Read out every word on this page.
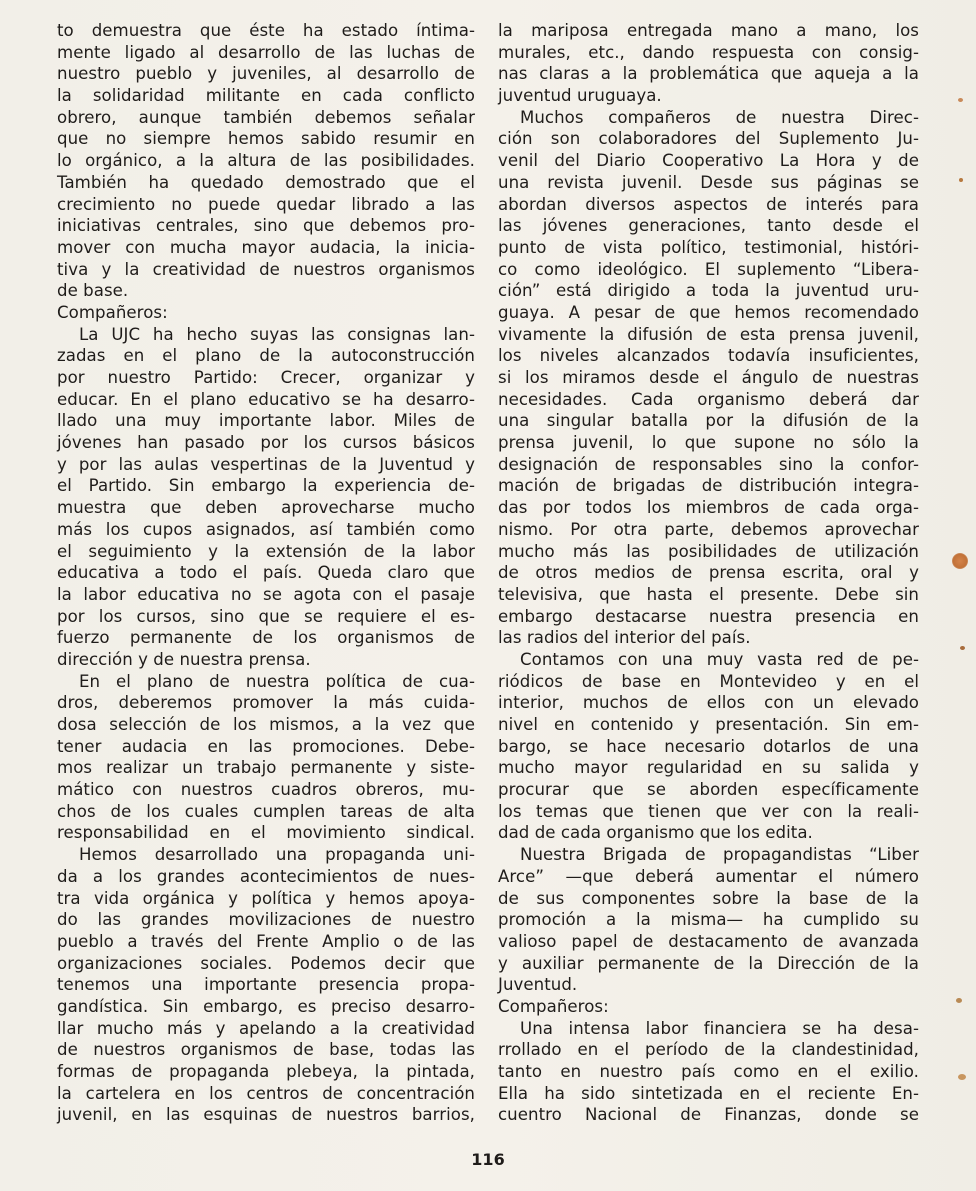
to demuestra que éste ha estado íntima-
mente ligado al desarrollo de las luchas de
nuestro pueblo y juveniles, al desarrollo de
la solidaridad militante en cada conflicto
obrero, aunque también debemos señalar
que no siempre hemos sabido resumir en
lo orgánico, a la altura de las posibilidades.
También ha quedado demostrado que el
crecimiento no puede quedar librado a las
iniciativas centrales, sino que debemos pro-
mover con mucha mayor audacia, la inicia-
tiva y la creatividad de nuestros organismos
de base.
Compañeros:
La UJC ha hecho suyas las consignas lan-
zadas en el plano de la autoconstrucción
por nuestro Partido: Crecer, organizar y
educar. En el plano educativo se ha desarro-
llado una muy importante labor. Miles de
jóvenes han pasado por los cursos básicos
y por las aulas vespertinas de la Juventud y
el Partido. Sin embargo la experiencia de-
muestra que deben aprovecharse mucho
más los cupos asignados, así también como
el seguimiento y la extensión de la labor
educativa a todo el país. Queda claro que
la labor educativa no se agota con el pasaje
por los cursos, sino que se requiere el es-
fuerzo permanente de los organismos de
dirección y de nuestra prensa.
En el plano de nuestra política de cua-
dros, deberemos promover la más cuida-
dosa selección de los mismos, a la vez que
tener audacia en las promociones. Debe-
mos realizar un trabajo permanente y siste-
mático con nuestros cuadros obreros, mu-
chos de los cuales cumplen tareas de alta
responsabilidad en el movimiento sindical.
Hemos desarrollado una propaganda uni-
da a los grandes acontecimientos de nues-
tra vida orgánica y política y hemos apoya-
do las grandes movilizaciones de nuestro
pueblo a través del Frente Amplio o de las
organizaciones sociales. Podemos decir que
tenemos una importante presencia propa-
gandística. Sin embargo, es preciso desarro-
llar mucho más y apelando a la creatividad
de nuestros organismos de base, todas las
formas de propaganda plebeya, la pintada,
la cartelera en los centros de concentración
juvenil, en las esquinas de nuestros barrios,
la mariposa entregada mano a mano, los
murales, etc., dando respuesta con consig-
nas claras a la problemática que aqueja a la
juventud uruguaya.
Muchos compañeros de nuestra Direc-
ción son colaboradores del Suplemento Ju-
venil del Diario Cooperativo La Hora y de
una revista juvenil. Desde sus páginas se
abordan diversos aspectos de interés para
las jóvenes generaciones, tanto desde el
punto de vista político, testimonial, históri-
co como ideológico. El suplemento “Libera-
ción” está dirigido a toda la juventud uru-
guaya. A pesar de que hemos recomendado
vivamente la difusión de esta prensa juvenil,
los niveles alcanzados todavía insuficientes,
si los miramos desde el ángulo de nuestras
necesidades. Cada organismo deberá dar
una singular batalla por la difusión de la
prensa juvenil, lo que supone no sólo la
designación de responsables sino la confor-
mación de brigadas de distribución integra-
das por todos los miembros de cada orga-
nismo. Por otra parte, debemos aprovechar
mucho más las posibilidades de utilización
de otros medios de prensa escrita, oral y
televisiva, que hasta el presente. Debe sin
embargo destacarse nuestra presencia en
las radios del interior del país.
Contamos con una muy vasta red de pe-
riódicos de base en Montevideo y en el
interior, muchos de ellos con un elevado
nivel en contenido y presentación. Sin em-
bargo, se hace necesario dotarlos de una
mucho mayor regularidad en su salida y
procurar que se aborden específicamente
los temas que tienen que ver con la reali-
dad de cada organismo que los edita.
Nuestra Brigada de propagandistas “Liber
Arce” —que deberá aumentar el número
de sus componentes sobre la base de la
promoción a la misma— ha cumplido su
valioso papel de destacamento de avanzada
y auxiliar permanente de la Dirección de la
Juventud.
Compañeros:
Una intensa labor financiera se ha desa-
rrollado en el período de la clandestinidad,
tanto en nuestro país como en el exilio.
Ella ha sido sintetizada en el reciente En-
cuentro Nacional de Finanzas, donde se
116
